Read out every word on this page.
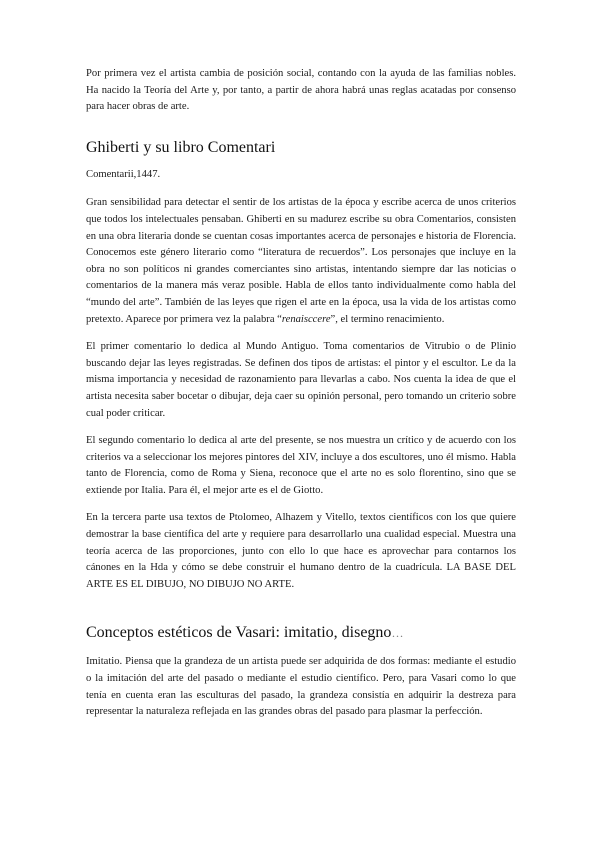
Por primera vez el artista cambia de posición social, contando con la ayuda de las familias nobles. Ha nacido la Teoría del Arte y, por tanto, a partir de ahora habrá unas reglas acatadas por consenso para hacer obras de arte.

Ghiberti y su libro Comentari

Comentarii,1447.

Gran sensibilidad para detectar el sentir de los artistas de la época y escribe acerca de unos criterios que todos los intelectuales pensaban. Ghiberti en su madurez escribe su obra Comentarios, consisten en una obra literaria donde se cuentan cosas importantes acerca de personajes e historia de Florencia. Conocemos este género literario como “literatura de recuerdos”. Los personajes que incluye en la obra no son políticos ni grandes comerciantes sino artistas, intentando siempre dar las noticias o comentarios de la manera más veraz posible. Habla de ellos tanto individualmente como habla del “mundo del arte”. También de las leyes que rigen el arte en la época, usa la vida de los artistas como pretexto. Aparece por primera vez la palabra “renaisccere”, el termino renacimiento.

El primer comentario lo dedica al Mundo Antiguo. Toma comentarios de Vitrubio o de Plinio buscando dejar las leyes registradas. Se definen dos tipos de artistas: el pintor y el escultor. Le da la misma importancia y necesidad de razonamiento para llevarlas a cabo. Nos cuenta la idea de que el artista necesita saber bocetar o dibujar, deja caer su opinión personal, pero tomando un criterio sobre cual poder criticar.

El segundo comentario lo dedica al arte del presente, se nos muestra un crítico y de acuerdo con los criterios va a seleccionar los mejores pintores del XIV, incluye a dos escultores, uno él mismo. Habla tanto de Florencia, como de Roma y Siena, reconoce que el arte no es solo florentino, sino que se extiende por Italia. Para él, el mejor arte es el de Giotto.

En la tercera parte usa textos de Ptolomeo, Alhazem y Vitello, textos científicos con los que quiere demostrar la base científica del arte y requiere para desarrollarlo una cualidad especial. Muestra una teoría acerca de las proporciones, junto con ello lo que hace es aprovechar para contarnos los cánones en la Hda y cómo se debe construir el humano dentro de la cuadrícula. LA BASE DEL ARTE ES EL DIBUJO, NO DIBUJO NO ARTE.

Conceptos estéticos de Vasari: imitatio, disegno…

Imitatio. Piensa que la grandeza de un artista puede ser adquirida de dos formas: mediante el estudio o la imitación del arte del pasado o mediante el estudio científico. Pero, para Vasari como lo que tenía en cuenta eran las esculturas del pasado, la grandeza consistía en adquirir la destreza para representar la naturaleza reflejada en las grandes obras del pasado para plasmar la perfección.
